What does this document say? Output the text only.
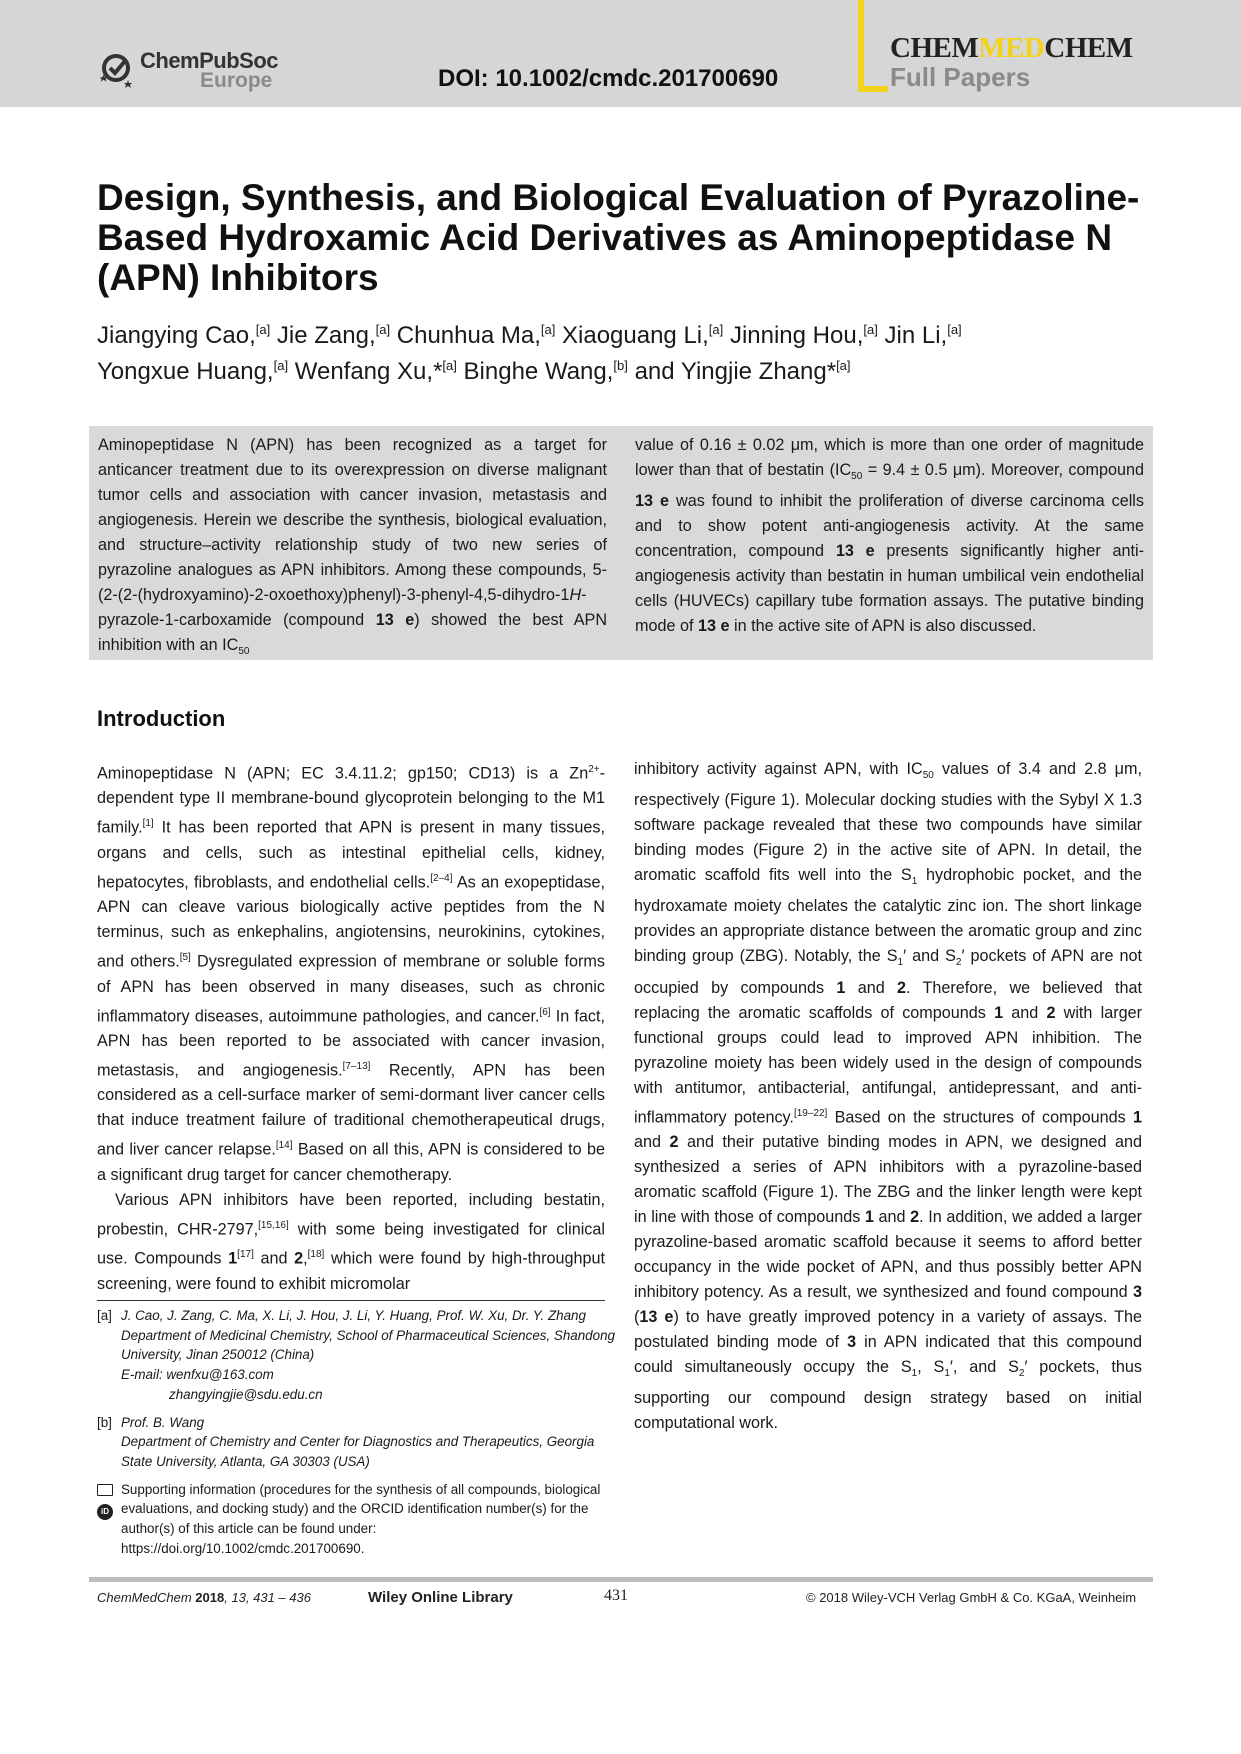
ChemPubSoc
Europe	DOI: 10.1002/cmdc.201700690
CHEMMEDCHEM
Full Papers
Design, Synthesis, and Biological Evaluation of Pyrazoline-Based Hydroxamic Acid Derivatives as Aminopeptidase N (APN) Inhibitors
Jiangying Cao,[a] Jie Zang,[a] Chunhua Ma,[a] Xiaoguang Li,[a] Jinning Hou,[a] Jin Li,[a]
Yongxue Huang,[a] Wenfang Xu,*[a] Binghe Wang,[b] and Yingjie Zhang*[a]
Aminopeptidase N (APN) has been recognized as a target for anticancer treatment due to its overexpression on diverse malignant tumor cells and association with cancer invasion, metastasis and angiogenesis. Herein we describe the synthesis, biological evaluation, and structure–activity relationship study of two new series of pyrazoline analogues as APN inhibitors. Among these compounds, 5-(2-(2-(hydroxyamino)-2-oxoethoxy)phenyl)-3-phenyl-4,5-dihydro-1H-pyrazole-1-carboxamide (compound 13 e) showed the best APN inhibition with an $IC_{50}$
value of 0.16 ± 0.02 μm, which is more than one order of magnitude lower than that of bestatin ($IC_{50} = 9.4 \pm 0.5$ μm). Moreover, compound 13 e was found to inhibit the proliferation of diverse carcinoma cells and to show potent anti-angiogenesis activity. At the same concentration, compound 13 e presents significantly higher anti-angiogenesis activity than bestatin in human umbilical vein endothelial cells (HUVECs) capillary tube formation assays. The putative binding mode of 13 e in the active site of APN is also discussed.
Introduction

Aminopeptidase N (APN; EC 3.4.11.2; gp150; CD13) is a $Zn^{2+}$-dependent type II membrane-bound glycoprotein belonging to the M1 family.[1] It has been reported that APN is present in many tissues, organs and cells, such as intestinal epithelial cells, kidney, hepatocytes, fibroblasts, and endothelial cells.[2–4] As an exopeptidase, APN can cleave various biologically active peptides from the N terminus, such as enkephalins, angiotensins, neurokinins, cytokines, and others.[5] Dysregulated expression of membrane or soluble forms of APN has been observed in many diseases, such as chronic inflammatory diseases, autoimmune pathologies, and cancer.[6] In fact, APN has been reported to be associated with cancer invasion, metastasis, and angiogenesis.[7–13] Recently, APN has been considered as a cell-surface marker of semi-dormant liver cancer cells that induce treatment failure of traditional chemotherapeutical drugs, and liver cancer relapse.[14] Based on all this, APN is considered to be a significant drug target for cancer chemotherapy.

Various APN inhibitors have been reported, including bestatin, probestin, CHR-2797,[15,16] with some being investigated for clinical use. Compounds 1[17] and 2,[18] which were found by high-throughput screening, were found to exhibit micromolar

inhibitory activity against APN, with $IC_{50}$ values of 3.4 and 2.8 μm, respectively (Figure 1). Molecular docking studies with the Sybyl X 1.3 software package revealed that these two compounds have similar binding modes (Figure 2) in the active site of APN. In detail, the aromatic scaffold fits well into the $S_1$ hydrophobic pocket, and the hydroxamate moiety chelates the catalytic zinc ion. The short linkage provides an appropriate distance between the aromatic group and zinc binding group (ZBG). Notably, the $S_1'$ and $S_2'$ pockets of APN are not occupied by compounds 1 and 2. Therefore, we believed that replacing the aromatic scaffolds of compounds 1 and 2 with larger functional groups could lead to improved APN inhibition. The pyrazoline moiety has been widely used in the design of compounds with antitumor, antibacterial, antifungal, antidepressant, and anti-inflammatory potency.[19–22] Based on the structures of compounds 1 and 2 and their putative binding modes in APN, we designed and synthesized a series of APN inhibitors with a pyrazoline-based aromatic scaffold (Figure 1). The ZBG and the linker length were kept in line with those of compounds 1 and 2. In addition, we added a larger pyrazoline-based aromatic scaffold because it seems to afford better occupancy in the wide pocket of APN, and thus possibly better APN inhibitory potency. As a result, we synthesized and found compound 3 (13 e) to have greatly improved potency in a variety of assays. The postulated binding mode of 3 in APN indicated that this compound could simultaneously occupy the $S_1$, $S_1'$, and $S_2'$ pockets, thus supporting our compound design strategy based on initial computational work.

[a] J. Cao, J. Zang, C. Ma, X. Li, J. Hou, J. Li, Y. Huang, Prof. W. Xu, Dr. Y. Zhang
Department of Medicinal Chemistry, School of Pharmaceutical Sciences, Shandong University, Jinan 250012 (China)
E-mail: wenfxu@163.com
zhangyingjie@sdu.edu.cn
[b] Prof. B. Wang
Department of Chemistry and Center for Diagnostics and Therapeutics, Georgia State University, Atlanta, GA 30303 (USA)
iD
Supporting information (procedures for the synthesis of all compounds, biological evaluations, and docking study) and the ORCID identification number(s) for the author(s) of this article can be found under: https://doi.org/10.1002/cmdc.201700690.
ChemMedChem 2018, 13, 431 – 436	Wiley Online Library	431	© 2018 Wiley-VCH Verlag GmbH & Co. KGaA, Weinheim
